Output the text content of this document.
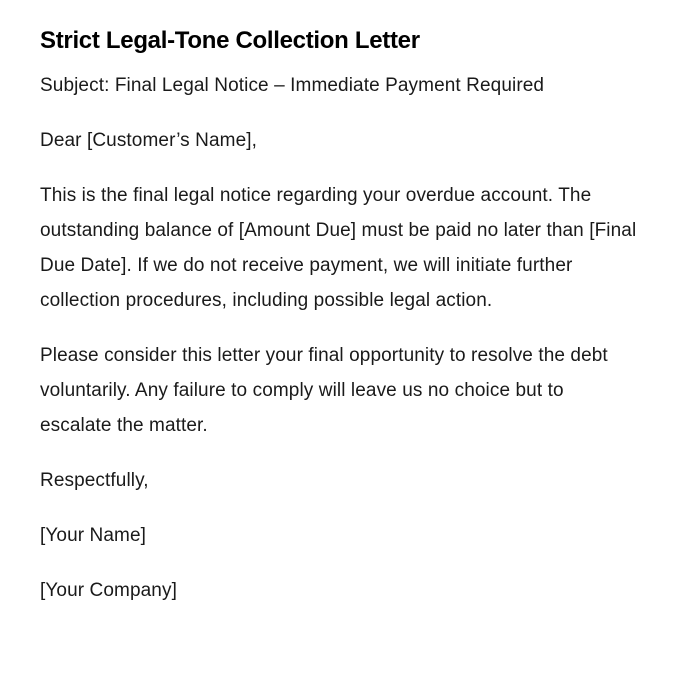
Strict Legal-Tone Collection Letter

Subject: Final Legal Notice – Immediate Payment Required

Dear [Customer’s Name],

This is the final legal notice regarding your overdue account. The outstanding balance of [Amount Due] must be paid no later than [Final Due Date]. If we do not receive payment, we will initiate further collection procedures, including possible legal action.

Please consider this letter your final opportunity to resolve the debt voluntarily. Any failure to comply will leave us no choice but to escalate the matter.

Respectfully,

[Your Name]

[Your Company]
